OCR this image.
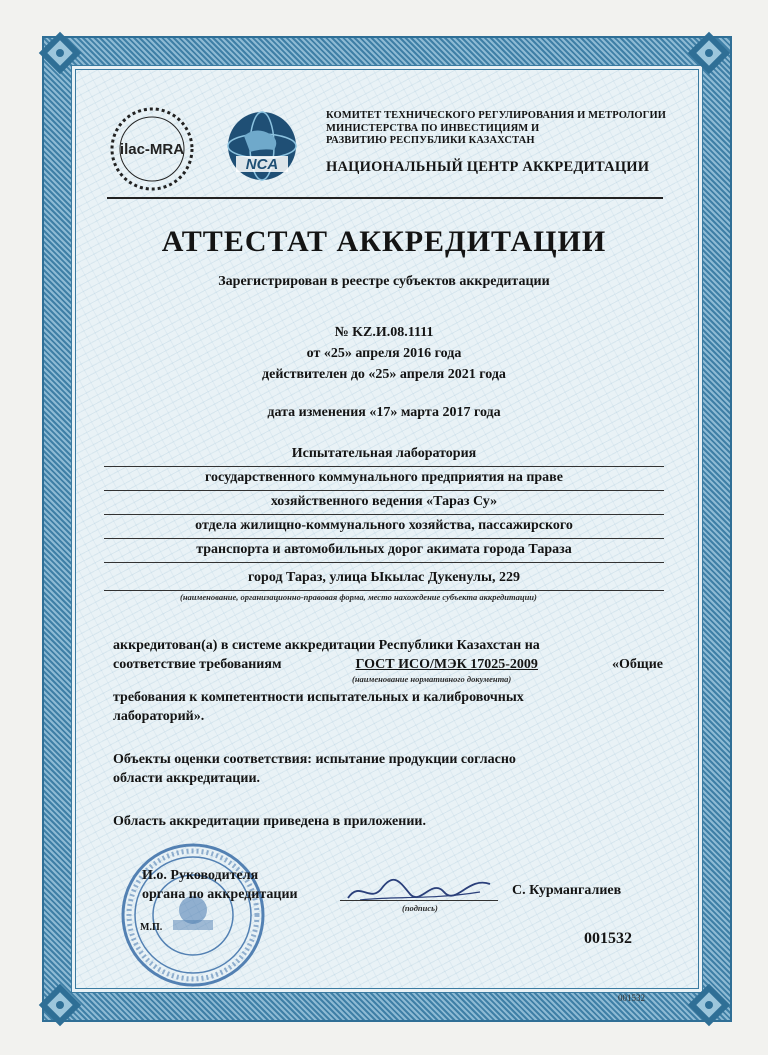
ilac-MRA
NCA
КОМИТЕТ ТЕХНИЧЕСКОГО РЕГУЛИРОВАНИЯ И МЕТРОЛОГИИ
МИНИСТЕРСТВА ПО ИНВЕСТИЦИЯМ И
РАЗВИТИЮ РЕСПУБЛИКИ КАЗАХСТАН
НАЦИОНАЛЬНЫЙ ЦЕНТР АККРЕДИТАЦИИ
АТТЕСТАТ АККРЕДИТАЦИИ
Зарегистрирован в реестре субъектов аккредитации
№ KZ.И.08.1111
от «25» апреля 2016 года
действителен до «25» апреля 2021 года
дата изменения «17» марта 2017 года
Испытательная лаборатория
государственного коммунального предприятия на праве
хозяйственного ведения «Тараз Су»
отдела жилищно-коммунального хозяйства, пассажирского
транспорта и автомобильных дорог акимата города Тараза
город Тараз, улица Ыкылас Дукенулы, 229
(наименование, организационно-правовая форма, место нахождение субъекта аккредитации)
аккредитован(а) в системе аккредитации Республики Казахстан на
соответствие требованиям	ГОСТ ИСО/МЭК 17025-2009	«Общие
требования к компетентности испытательных и калибровочных
лабораторий».
(наименование нормативного документа)
Объекты оценки соответствия: испытание продукции согласно
области аккредитации.
Область аккредитации приведена в приложении.
И.о. Руководителя
органа по аккредитации
(подпись)
С. Курмангалиев
М.П.
001532
001532
